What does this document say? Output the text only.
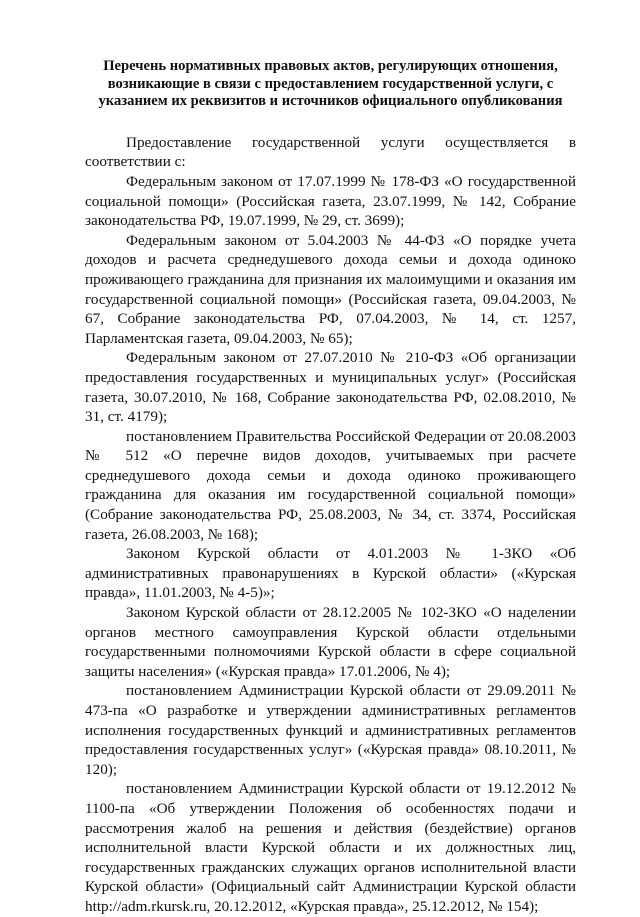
Перечень нормативных правовых актов, регулирующих отношения, возникающие в связи с предоставлением государственной услуги, с указанием их реквизитов и источников официального опубликования

Предоставление государственной услуги осуществляется в соответствии с:

Федеральным законом от 17.07.1999 № 178-ФЗ «О государственной социальной помощи» (Российская газета, 23.07.1999, № 142, Собрание законодательства РФ, 19.07.1999, № 29, ст. 3699);

Федеральным законом от 5.04.2003 № 44-ФЗ «О порядке учета доходов и расчета среднедушевого дохода семьи и дохода одиноко проживающего гражданина для признания их малоимущими и оказания им государственной социальной помощи» (Российская газета, 09.04.2003, № 67, Собрание законодательства РФ, 07.04.2003, № 14, ст. 1257, Парламентская газета, 09.04.2003, № 65);

Федеральным законом от 27.07.2010 № 210-ФЗ «Об организации предоставления государственных и муниципальных услуг» (Российская газета, 30.07.2010, № 168, Собрание законодательства РФ, 02.08.2010, № 31, ст. 4179);

постановлением Правительства Российской Федерации от 20.08.2003 № 512 «О перечне видов доходов, учитываемых при расчете среднедушевого дохода семьи и дохода одиноко проживающего гражданина для оказания им государственной социальной помощи» (Собрание законодательства РФ, 25.08.2003, № 34, ст. 3374, Российская газета, 26.08.2003, № 168);

Законом Курской области от 4.01.2003 № 1-ЗКО «Об административных правонарушениях в Курской области» («Курская правда», 11.01.2003, № 4-5)»;

Законом Курской области от 28.12.2005 № 102-ЗКО «О наделении органов местного самоуправления Курской области отдельными государственными полномочиями Курской области в сфере социальной защиты населения» («Курская правда» 17.01.2006, № 4);

постановлением Администрации Курской области от 29.09.2011 № 473-па «О разработке и утверждении административных регламентов исполнения государственных функций и административных регламентов предоставления государственных услуг» («Курская правда» 08.10.2011, № 120);

постановлением Администрации Курской области от 19.12.2012 № 1100-па «Об утверждении Положения об особенностях подачи и рассмотрения жалоб на решения и действия (бездействие) органов исполнительной власти Курской области и их должностных лиц, государственных гражданских служащих органов исполнительной власти Курской области» (Официальный сайт Администрации Курской области http://adm.rkursk.ru, 20.12.2012, «Курская правда», 25.12.2012, № 154);
